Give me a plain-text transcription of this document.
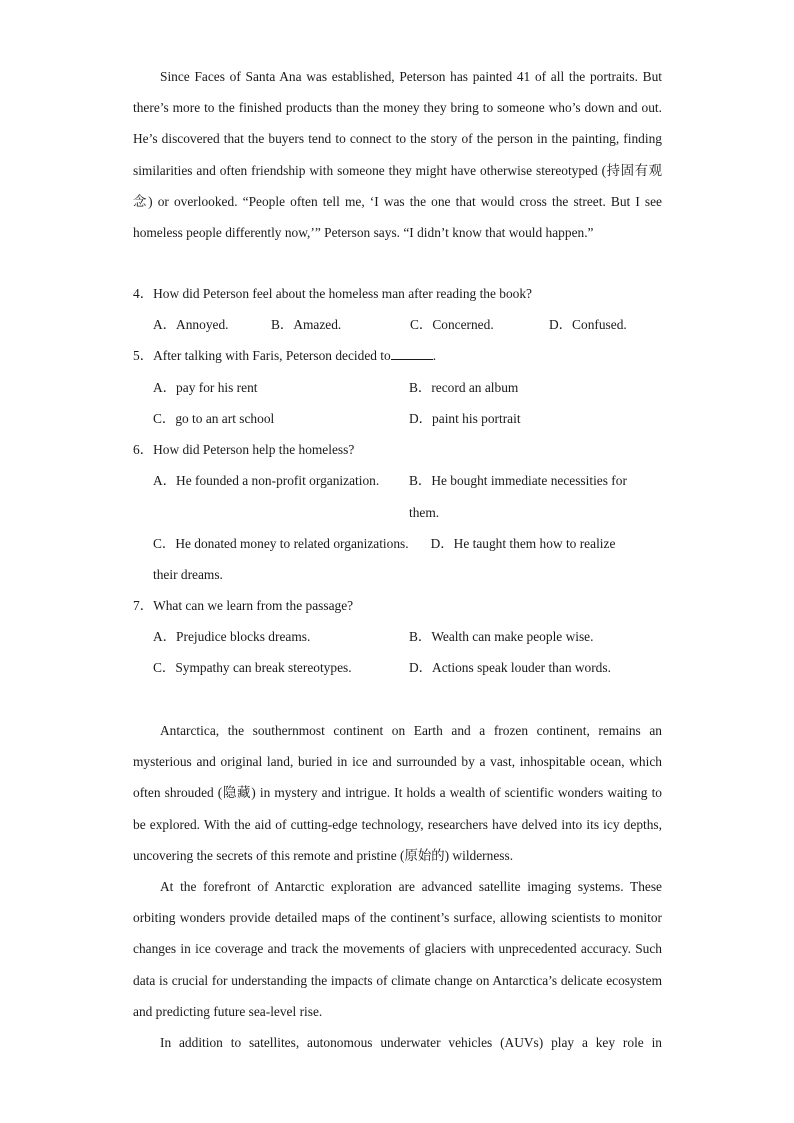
Since Faces of Santa Ana was established, Peterson has painted 41 of all the portraits. But there’s more to the finished products than the money they bring to someone who’s down and out. He’s discovered that the buyers tend to connect to the story of the person in the painting, finding similarities and often friendship with someone they might have otherwise stereotyped (持固有观念) or overlooked. “People often tell me, ‘I was the one that would cross the street. But I see homeless people differently now,’” Peterson says. “I didn’t know that would happen.”

4．How did Peterson feel about the homeless man after reading the book?

A．Annoyed.	B．Amazed.	C．Concerned.	D．Confused.

5．After talking with Faris, Peterson decided to	.

A．pay for his rent	B．record an album

C．go to an art school	D．paint his portrait

6．How did Peterson help the homeless?

A．He founded a non-profit organization. B．He bought immediate necessities for them.

C．He donated money to related organizations. D．He taught them how to realize their dreams.

7．What can we learn from the passage?

A．Prejudice blocks dreams.	B．Wealth can make people wise.

C．Sympathy can break stereotypes.	D．Actions speak louder than words.

Antarctica, the southernmost continent on Earth and a frozen continent, remains an mysterious and original land, buried in ice and surrounded by a vast, inhospitable ocean, which often shrouded (隐藏) in mystery and intrigue. It holds a wealth of scientific wonders waiting to be explored. With the aid of cutting-edge technology, researchers have delved into its icy depths, uncovering the secrets of this remote and pristine (原始的) wilderness.

At the forefront of Antarctic exploration are advanced satellite imaging systems. These orbiting wonders provide detailed maps of the continent’s surface, allowing scientists to monitor changes in ice coverage and track the movements of glaciers with unprecedented accuracy. Such data is crucial for understanding the impacts of climate change on Antarctica’s delicate ecosystem and predicting future sea-level rise.

In addition to satellites, autonomous underwater vehicles (AUVs) play a key role in
